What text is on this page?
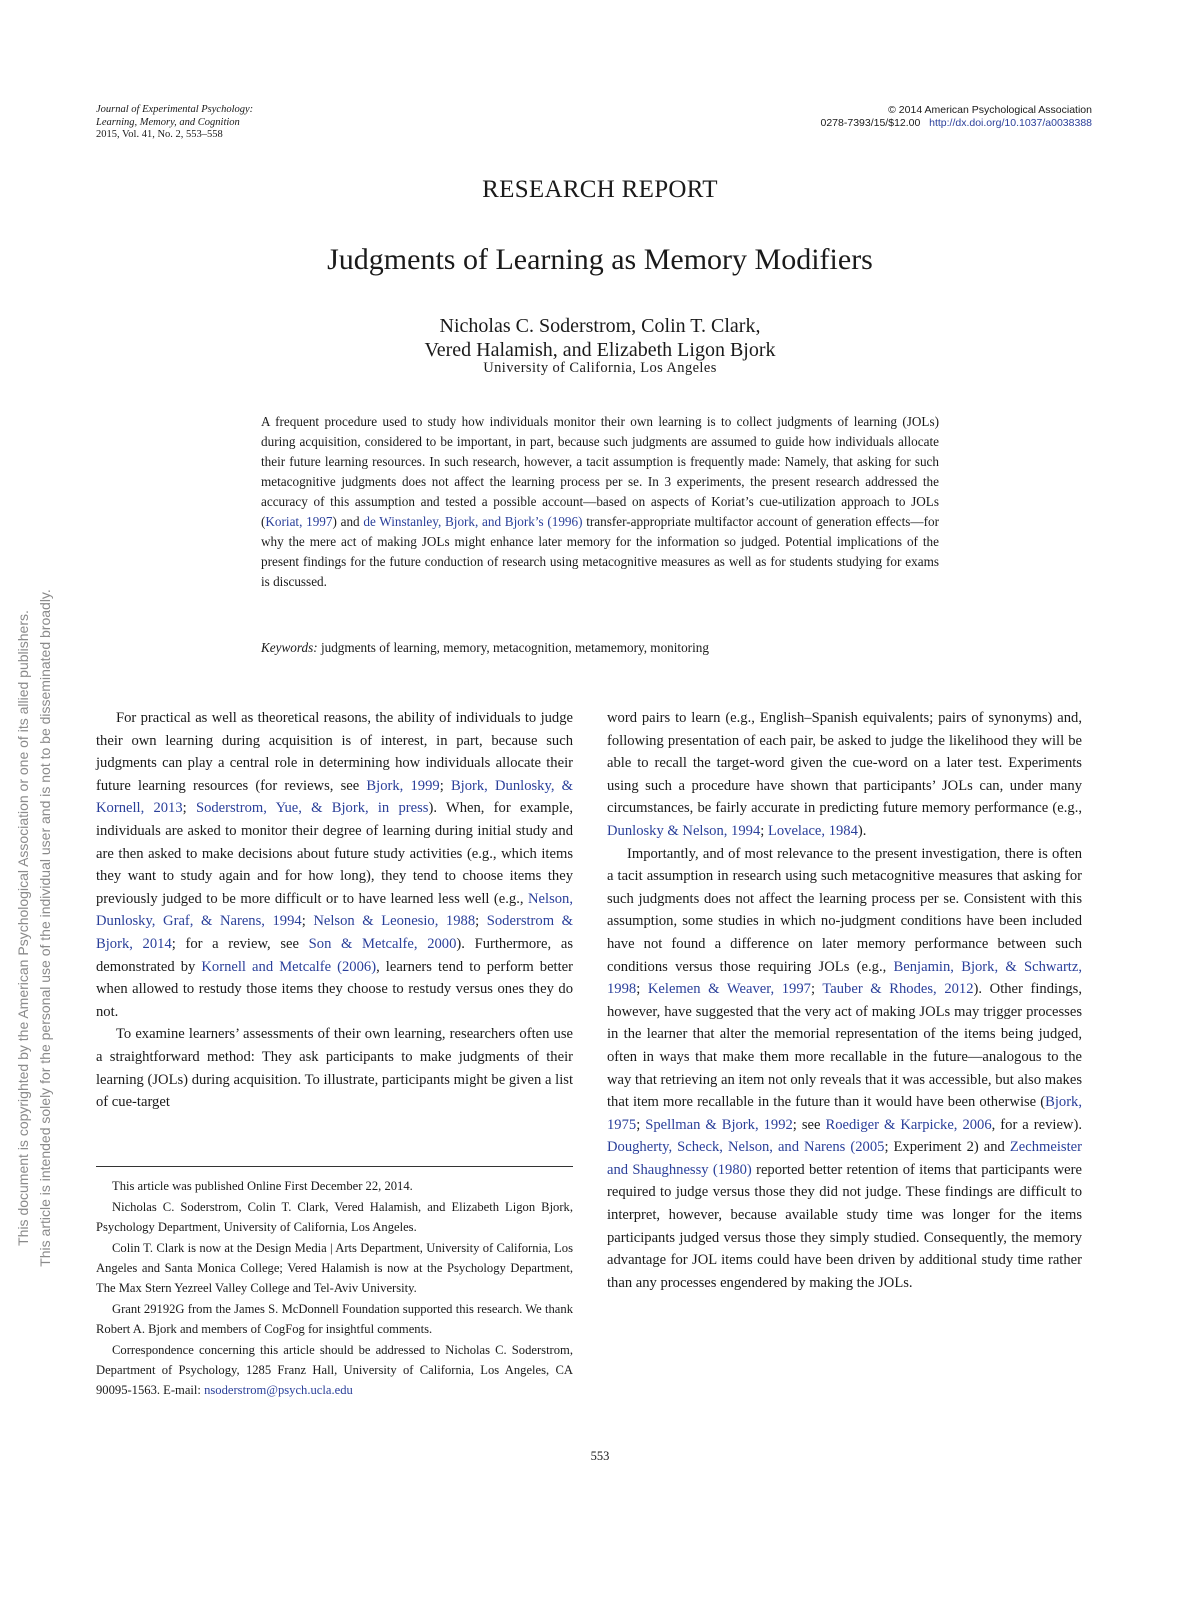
Journal of Experimental Psychology:
Learning, Memory, and Cognition
2015, Vol. 41, No. 2, 553–558
© 2014 American Psychological Association
0278-7393/15/$12.00 http://dx.doi.org/10.1037/a0038388
RESEARCH REPORT
Judgments of Learning as Memory Modifiers
Nicholas C. Soderstrom, Colin T. Clark,
Vered Halamish, and Elizabeth Ligon Bjork
University of California, Los Angeles

A frequent procedure used to study how individuals monitor their own learning is to collect judgments of learning (JOLs) during acquisition, considered to be important, in part, because such judgments are assumed to guide how individuals allocate their future learning resources. In such research, however, a tacit assumption is frequently made: Namely, that asking for such metacognitive judgments does not affect the learning process per se. In 3 experiments, the present research addressed the accuracy of this assumption and tested a possible account—based on aspects of Koriat’s cue-utilization approach to JOLs (Koriat, 1997) and de Winstanley, Bjork, and Bjork’s (1996) transfer-appropriate multifactor account of generation effects—for why the mere act of making JOLs might enhance later memory for the information so judged. Potential implications of the present findings for the future conduction of research using metacognitive measures as well as for students studying for exams is discussed.

Keywords: judgments of learning, memory, metacognition, metamemory, monitoring

For practical as well as theoretical reasons, the ability of individuals to judge their own learning during acquisition is of interest, in part, because such judgments can play a central role in determining how individuals allocate their future learning resources (for reviews, see Bjork, 1999; Bjork, Dunlosky, & Kornell, 2013; Soderstrom, Yue, & Bjork, in press). When, for example, individuals are asked to monitor their degree of learning during initial study and are then asked to make decisions about future study activities (e.g., which items they want to study again and for how long), they tend to choose items they previously judged to be more difficult or to have learned less well (e.g., Nelson, Dunlosky, Graf, & Narens, 1994; Nelson & Leonesio, 1988; Soderstrom & Bjork, 2014; for a review, see Son & Metcalfe, 2000). Furthermore, as demonstrated by Kornell and Metcalfe (2006), learners tend to perform better when allowed to restudy those items they choose to restudy versus ones they do not.

To examine learners’ assessments of their own learning, researchers often use a straightforward method: They ask participants to make judgments of their learning (JOLs) during acquisition. To illustrate, participants might be given a list of cue-target

This article was published Online First December 22, 2014.

Nicholas C. Soderstrom, Colin T. Clark, Vered Halamish, and Elizabeth Ligon Bjork, Psychology Department, University of California, Los Angeles.

Colin T. Clark is now at the Design Media | Arts Department, University of California, Los Angeles and Santa Monica College; Vered Halamish is now at the Psychology Department, The Max Stern Yezreel Valley College and Tel-Aviv University.

Grant 29192G from the James S. McDonnell Foundation supported this research. We thank Robert A. Bjork and members of CogFog for insightful comments.

Correspondence concerning this article should be addressed to Nicholas C. Soderstrom, Department of Psychology, 1285 Franz Hall, University of California, Los Angeles, CA 90095-1563. E-mail: nsoderstrom@psych.ucla.edu

word pairs to learn (e.g., English–Spanish equivalents; pairs of synonyms) and, following presentation of each pair, be asked to judge the likelihood they will be able to recall the target-word given the cue-word on a later test. Experiments using such a procedure have shown that participants’ JOLs can, under many circumstances, be fairly accurate in predicting future memory performance (e.g., Dunlosky & Nelson, 1994; Lovelace, 1984).

Importantly, and of most relevance to the present investigation, there is often a tacit assumption in research using such metacognitive measures that asking for such judgments does not affect the learning process per se. Consistent with this assumption, some studies in which no-judgment conditions have been included have not found a difference on later memory performance between such conditions versus those requiring JOLs (e.g., Benjamin, Bjork, & Schwartz, 1998; Kelemen & Weaver, 1997; Tauber & Rhodes, 2012). Other findings, however, have suggested that the very act of making JOLs may trigger processes in the learner that alter the memorial representation of the items being judged, often in ways that make them more recallable in the future—analogous to the way that retrieving an item not only reveals that it was accessible, but also makes that item more recallable in the future than it would have been otherwise (Bjork, 1975; Spellman & Bjork, 1992; see Roediger & Karpicke, 2006, for a review). Dougherty, Scheck, Nelson, and Narens (2005; Experiment 2) and Zechmeister and Shaughnessy (1980) reported better retention of items that participants were required to judge versus those they did not judge. These findings are difficult to interpret, however, because available study time was longer for the items participants judged versus those they simply studied. Consequently, the memory advantage for JOL items could have been driven by additional study time rather than any processes engendered by making the JOLs.

553
This document is copyrighted by the American Psychological Association or one of its allied publishers. This article is intended solely for the personal use of the individual user and is not to be disseminated broadly.
